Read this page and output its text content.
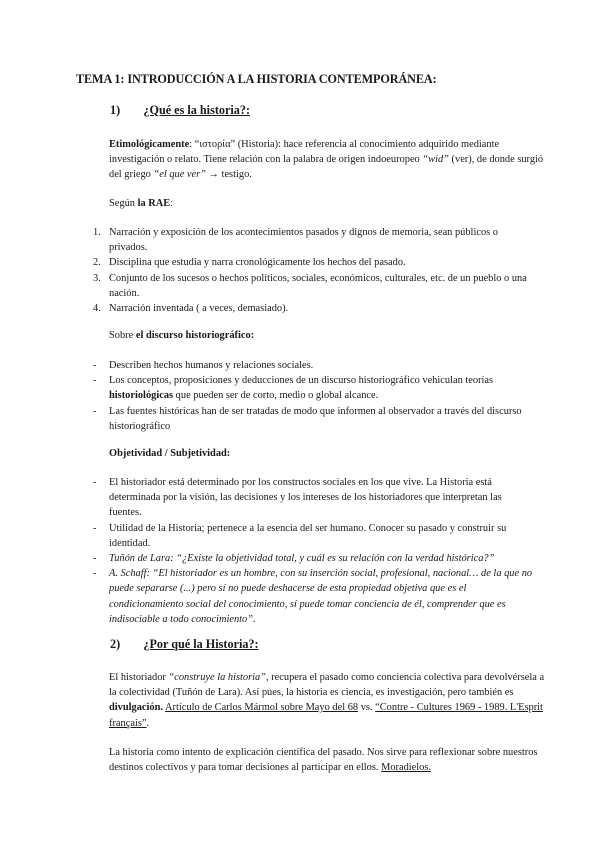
TEMA 1: INTRODUCCIÓN A LA HISTORIA CONTEMPORÁNEA:
1) ¿Qué es la historia?:
Etimológicamente: “ιστορία” (Historia): hace referencia al conocimiento adquirido mediante investigación o relato. Tiene relación con la palabra de origen indoeuropeo “wid” (ver), de donde surgió del griego “el que ver” → testigo.
Según la RAE:
1. Narración y exposición de los acontecimientos pasados y dignos de memoria, sean públicos o privados.
2. Disciplina que estudia y narra cronológicamente los hechos del pasado.
3. Conjunto de los sucesos o hechos políticos, sociales, económicos, culturales, etc. de un pueblo o una nación.
4. Narración inventada ( a veces, demasiado).
Sobre el discurso historiográfico:
- Describen hechos humanos y relaciones sociales.
- Los conceptos, proposiciones y deducciones de un discurso historiográfico vehiculan teorías historiológicas que pueden ser de corto, medio o global alcance.
- Las fuentes históricas han de ser tratadas de modo que informen al observador a través del discurso historiográfico
Objetividad / Subjetividad:
- El historiador está determinado por los constructos sociales en los que vive. La Historia está determinada por la visión, las decisiones y los intereses de los historiadores que interpretan las fuentes.
- Utilidad de la Historia; pertenece a la esencia del ser humano. Conocer su pasado y construir su identidad.
- Tuñón de Lara: “¿Existe la objetividad total, y cuál es su relación con la verdad histórica?”
- A. Schaff: “El historiador es un hombre, con su inserción social, profesional, nacional… de la que no puede separarse (...) pero sí no puede deshacerse de esta propiedad objetiva que es el condicionamiento social del conocimiento, sí puede tomar conciencia de él, comprender que es indisociable a todo conocimiento”.
2) ¿Por qué la Historia?:
El historiador “construye la historia”, recupera el pasado como conciencia colectiva para devolvérsela a la colectividad (Tuñón de Lara). Así pues, la historia es ciencia, es investigación, pero también es divulgación. Artículo de Carlos Mármol sobre Mayo del 68 vs. “Contre - Cultures 1969 - 1989. L'Esprit français”.
La historia como intento de explicación científica del pasado. Nos sirve para reflexionar sobre nuestros destinos colectivos y para tomar decisiones al participar en ellos. Moradielos.
